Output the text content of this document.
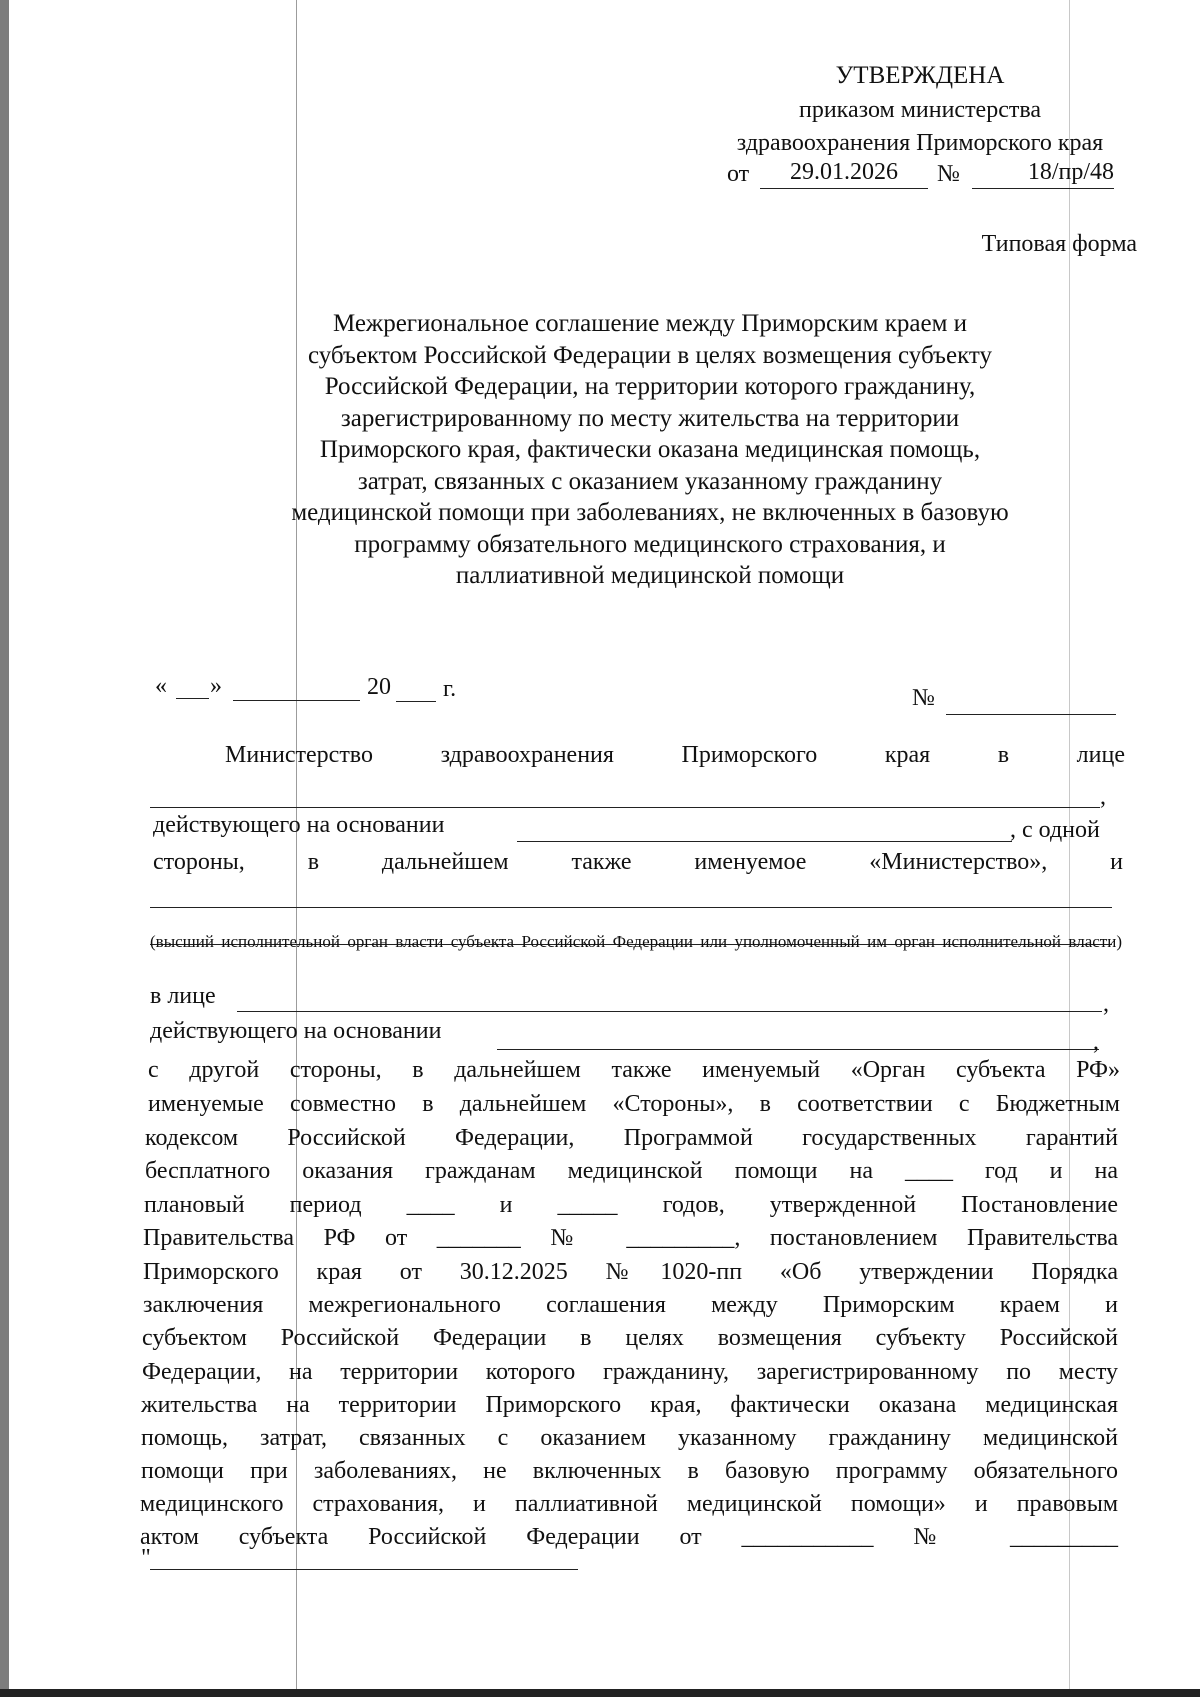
УТВЕРЖДЕНА
приказом министерства
здравоохранения Приморского края
от	29.01.2026	№	18/пр/48
Типовая форма
Межрегиональное соглашение между Приморским краем и субъектом Российской Федерации в целях возмещения субъекту Российской Федерации, на территории которого гражданину, зарегистрированному по месту жительства на территории Приморского края, фактически оказана медицинская помощь, затрат, связанных с оказанием указанному гражданину медицинской помощи при заболеваниях, не включенных в базовую программу обязательного медицинского страхования, и паллиативной медицинской помощи
« »	20 г.	№
Министерство здравоохранения Приморского края в лице
,
действующего на основании	, с одной
стороны, в дальнейшем также именуемое «Министерство», и
(высший исполнительной орган власти субъекта Российской Федерации или уполномоченный им орган исполнительной власти)
в лице	,
действующего на основании	,
с другой стороны, в дальнейшем также именуемый «Орган субъекта РФ»
именуемые совместно в дальнейшем «Стороны», в соответствии с Бюджетным
кодексом Российской Федерации, Программой государственных гарантий
бесплатного оказания гражданам медицинской помощи на ____ год и на
плановый период ____ и _____ годов, утвержденной Постановление
Правительства РФ от _______ № _________, постановлением Правительства
Приморского края от 30.12.2025 №1020-пп «Об утверждении Порядка
заключения межрегионального соглашения между Приморским краем и
субъектом Российской Федерации в целях возмещения субъекту Российской
Федерации, на территории которого гражданину, зарегистрированному по месту
жительства на территории Приморского края, фактически оказана медицинская
помощь, затрат, связанных с оказанием указанному гражданину медицинской
помощи при заболеваниях, не включенных в базовую программу обязательного
медицинского страхования, и паллиативной медицинской помощи» и правовым
актом субъекта Российской Федерации от ___________ № _________
"
